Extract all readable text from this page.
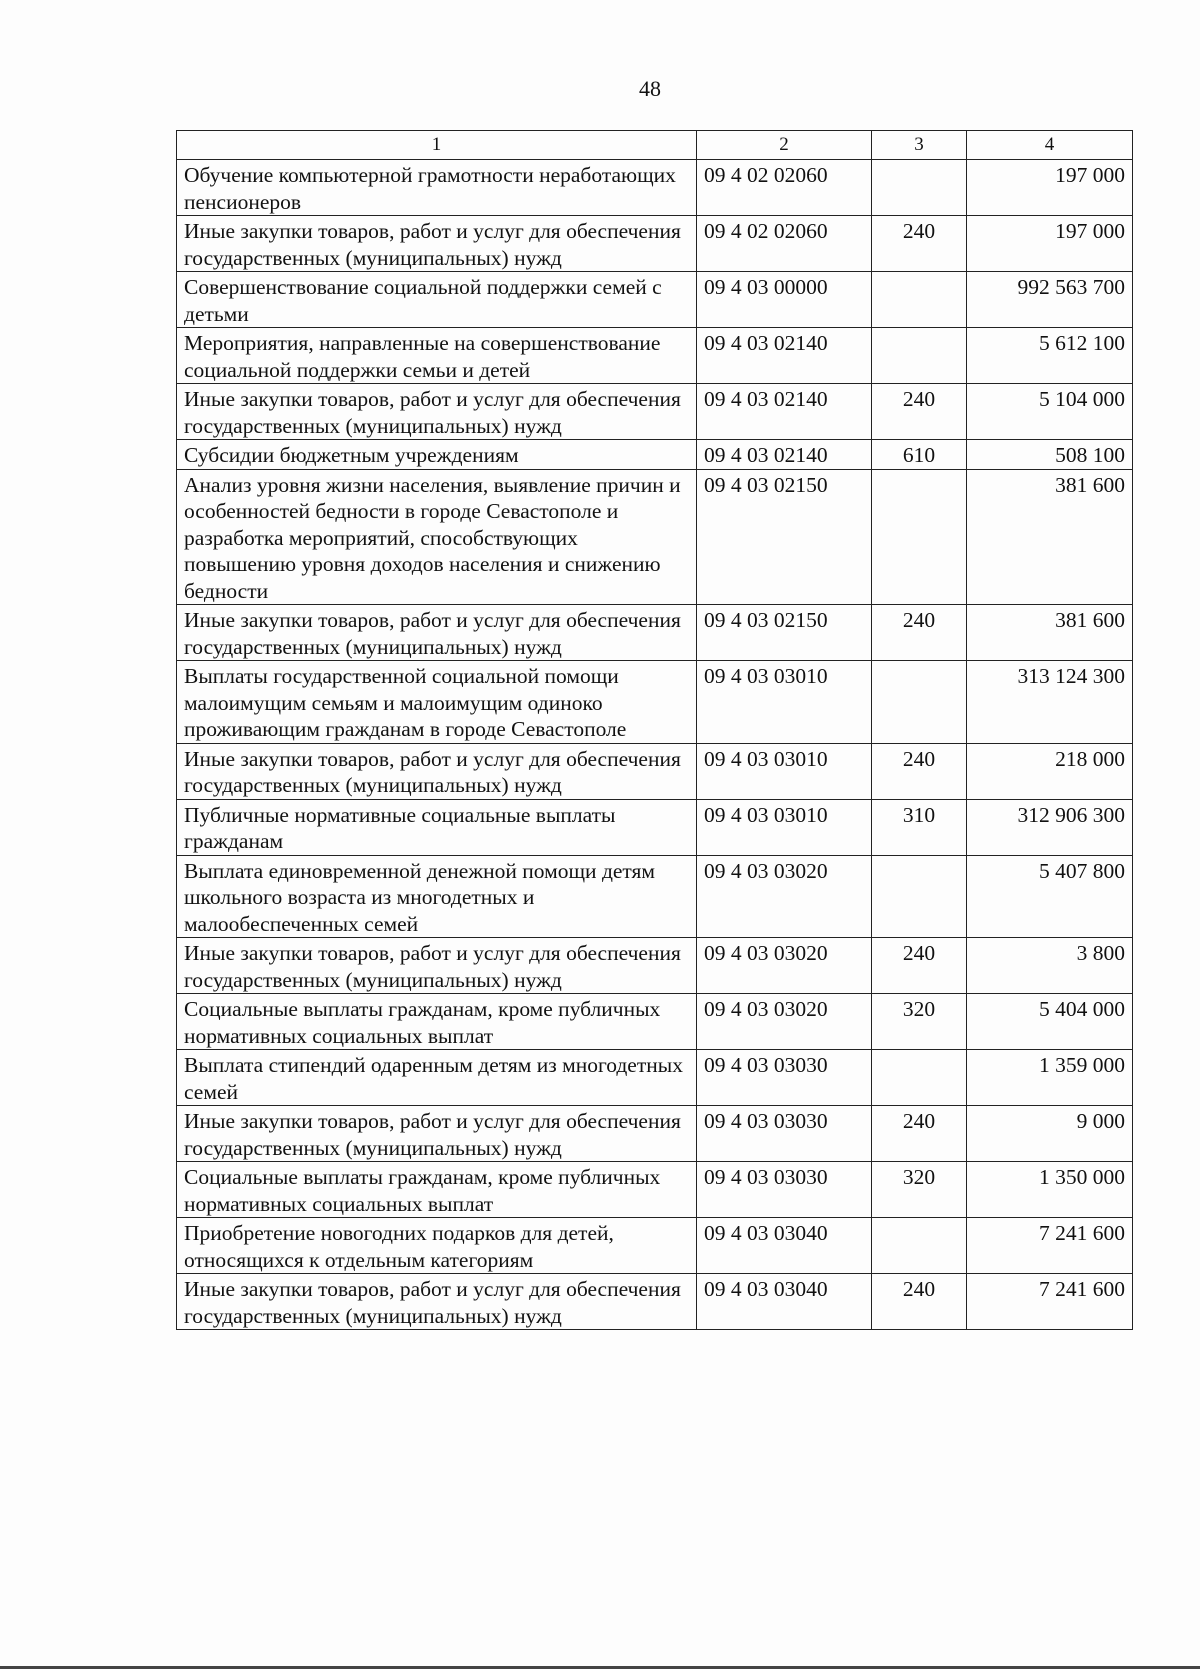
48
1	2	3	4
Обучение компьютерной грамотности неработающих пенсионеров	09 4 02 02060		197 000
Иные закупки товаров, работ и услуг для обеспечения государственных (муниципальных) нужд	09 4 02 02060	240	197 000
Совершенствование социальной поддержки семей с детьми	09 4 03 00000		992 563 700
Мероприятия, направленные на совершенствование социальной поддержки семьи и детей	09 4 03 02140		5 612 100
Иные закупки товаров, работ и услуг для обеспечения государственных (муниципальных) нужд	09 4 03 02140	240	5 104 000
Субсидии бюджетным учреждениям	09 4 03 02140	610	508 100
Анализ уровня жизни населения, выявление причин и особенностей бедности в городе Севастополе и разработка мероприятий, способствующих повышению уровня доходов населения и снижению бедности	09 4 03 02150		381 600
Иные закупки товаров, работ и услуг для обеспечения государственных (муниципальных) нужд	09 4 03 02150	240	381 600
Выплаты государственной социальной помощи малоимущим семьям и малоимущим одиноко проживающим гражданам в городе Севастополе	09 4 03 03010		313 124 300
Иные закупки товаров, работ и услуг для обеспечения государственных (муниципальных) нужд	09 4 03 03010	240	218 000
Публичные нормативные социальные выплаты гражданам	09 4 03 03010	310	312 906 300
Выплата единовременной денежной помощи детям школьного возраста из многодетных и малообеспеченных семей	09 4 03 03020		5 407 800
Иные закупки товаров, работ и услуг для обеспечения государственных (муниципальных) нужд	09 4 03 03020	240	3 800
Социальные выплаты гражданам, кроме публичных нормативных социальных выплат	09 4 03 03020	320	5 404 000
Выплата стипендий одаренным детям из многодетных семей	09 4 03 03030		1 359 000
Иные закупки товаров, работ и услуг для обеспечения государственных (муниципальных) нужд	09 4 03 03030	240	9 000
Социальные выплаты гражданам, кроме публичных нормативных социальных выплат	09 4 03 03030	320	1 350 000
Приобретение новогодних подарков для детей, относящихся к отдельным категориям	09 4 03 03040		7 241 600
Иные закупки товаров, работ и услуг для обеспечения государственных (муниципальных) нужд	09 4 03 03040	240	7 241 600
